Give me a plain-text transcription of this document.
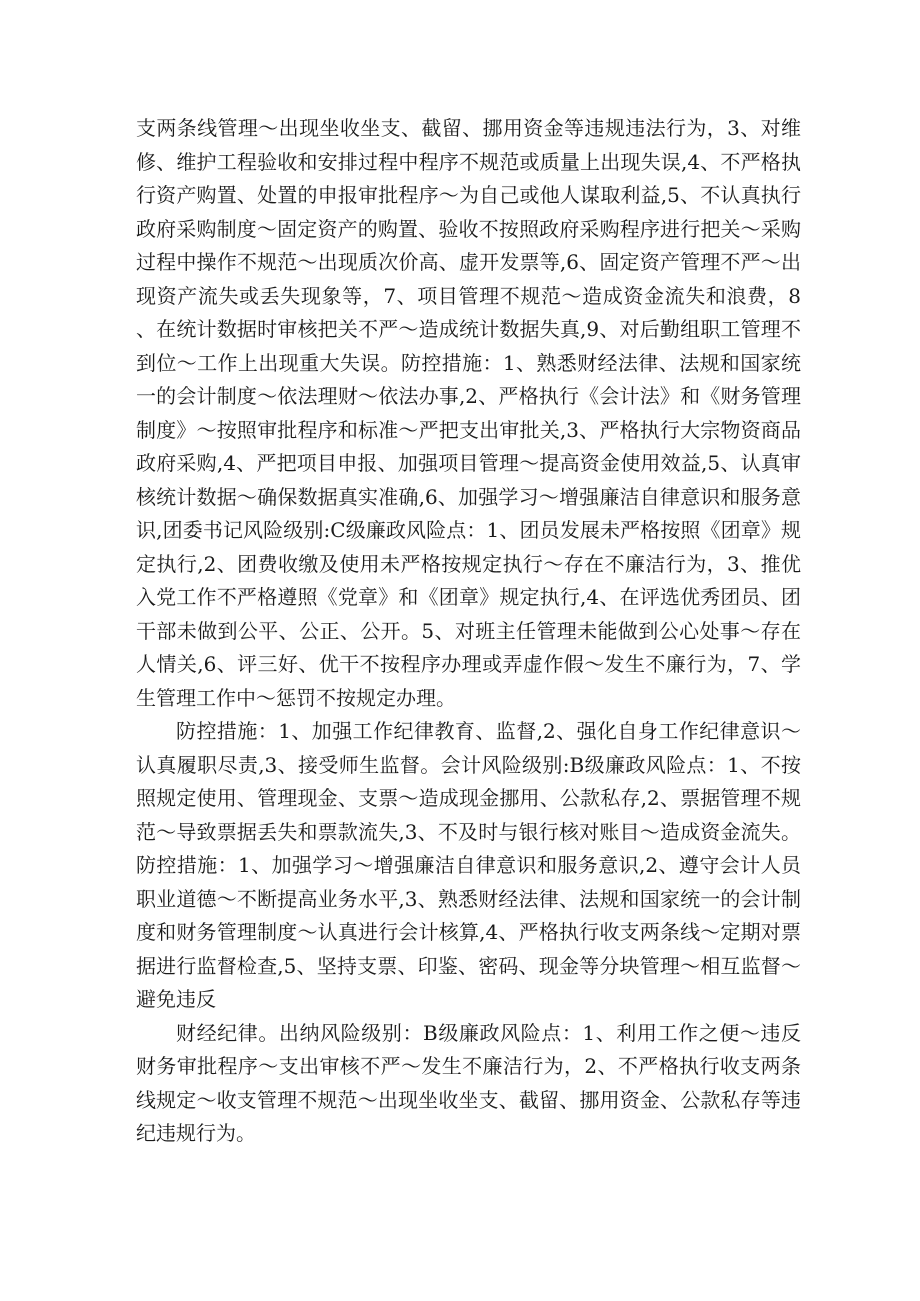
支两条线管理～出现坐收坐支、截留、挪用资金等违规违法行为，3、对维修、维护工程验收和安排过程中程序不规范或质量上出现失误,4、不严格执行资产购置、处置的申报审批程序～为自己或他人谋取利益,5、不认真执行政府采购制度～固定资产的购置、验收不按照政府采购程序进行把关～采购过程中操作不规范～出现质次价高、虚开发票等,6、固定资产管理不严～出现资产流失或丢失现象等，7、项目管理不规范～造成资金流失和浪费，8、在统计数据时审核把关不严～造成统计数据失真,9、对后勤组职工管理不到位～工作上出现重大失误。防控措施：1、熟悉财经法律、法规和国家统一的会计制度～依法理财～依法办事,2、严格执行《会计法》和《财务管理制度》～按照审批程序和标准～严把支出审批关,3、严格执行大宗物资商品政府采购,4、严把项目申报、加强项目管理～提高资金使用效益,5、认真审核统计数据～确保数据真实准确,6、加强学习～增强廉洁自律意识和服务意识,团委书记风险级别:C级廉政风险点：1、团员发展未严格按照《团章》规定执行,2、团费收缴及使用未严格按规定执行～存在不廉洁行为，3、推优入党工作不严格遵照《党章》和《团章》规定执行,4、在评选优秀团员、团干部未做到公平、公正、公开。5、对班主任管理未能做到公心处事～存在人情关,6、评三好、优干不按程序办理或弄虚作假～发生不廉行为，7、学生管理工作中～惩罚不按规定办理。

防控措施：1、加强工作纪律教育、监督,2、强化自身工作纪律意识～认真履职尽责,3、接受师生监督。会计风险级别:B级廉政风险点：1、不按照规定使用、管理现金、支票～造成现金挪用、公款私存,2、票据管理不规范～导致票据丢失和票款流失,3、不及时与银行核对账目～造成资金流失。防控措施：1、加强学习～增强廉洁自律意识和服务意识,2、遵守会计人员职业道德～不断提高业务水平,3、熟悉财经法律、法规和国家统一的会计制度和财务管理制度～认真进行会计核算,4、严格执行收支两条线～定期对票据进行监督检查,5、坚持支票、印鉴、密码、现金等分块管理～相互监督～避免违反

财经纪律。出纳风险级别：B级廉政风险点：1、利用工作之便～违反财务审批程序～支出审核不严～发生不廉洁行为，2、不严格执行收支两条线规定～收支管理不规范～出现坐收坐支、截留、挪用资金、公款私存等违纪违规行为。
